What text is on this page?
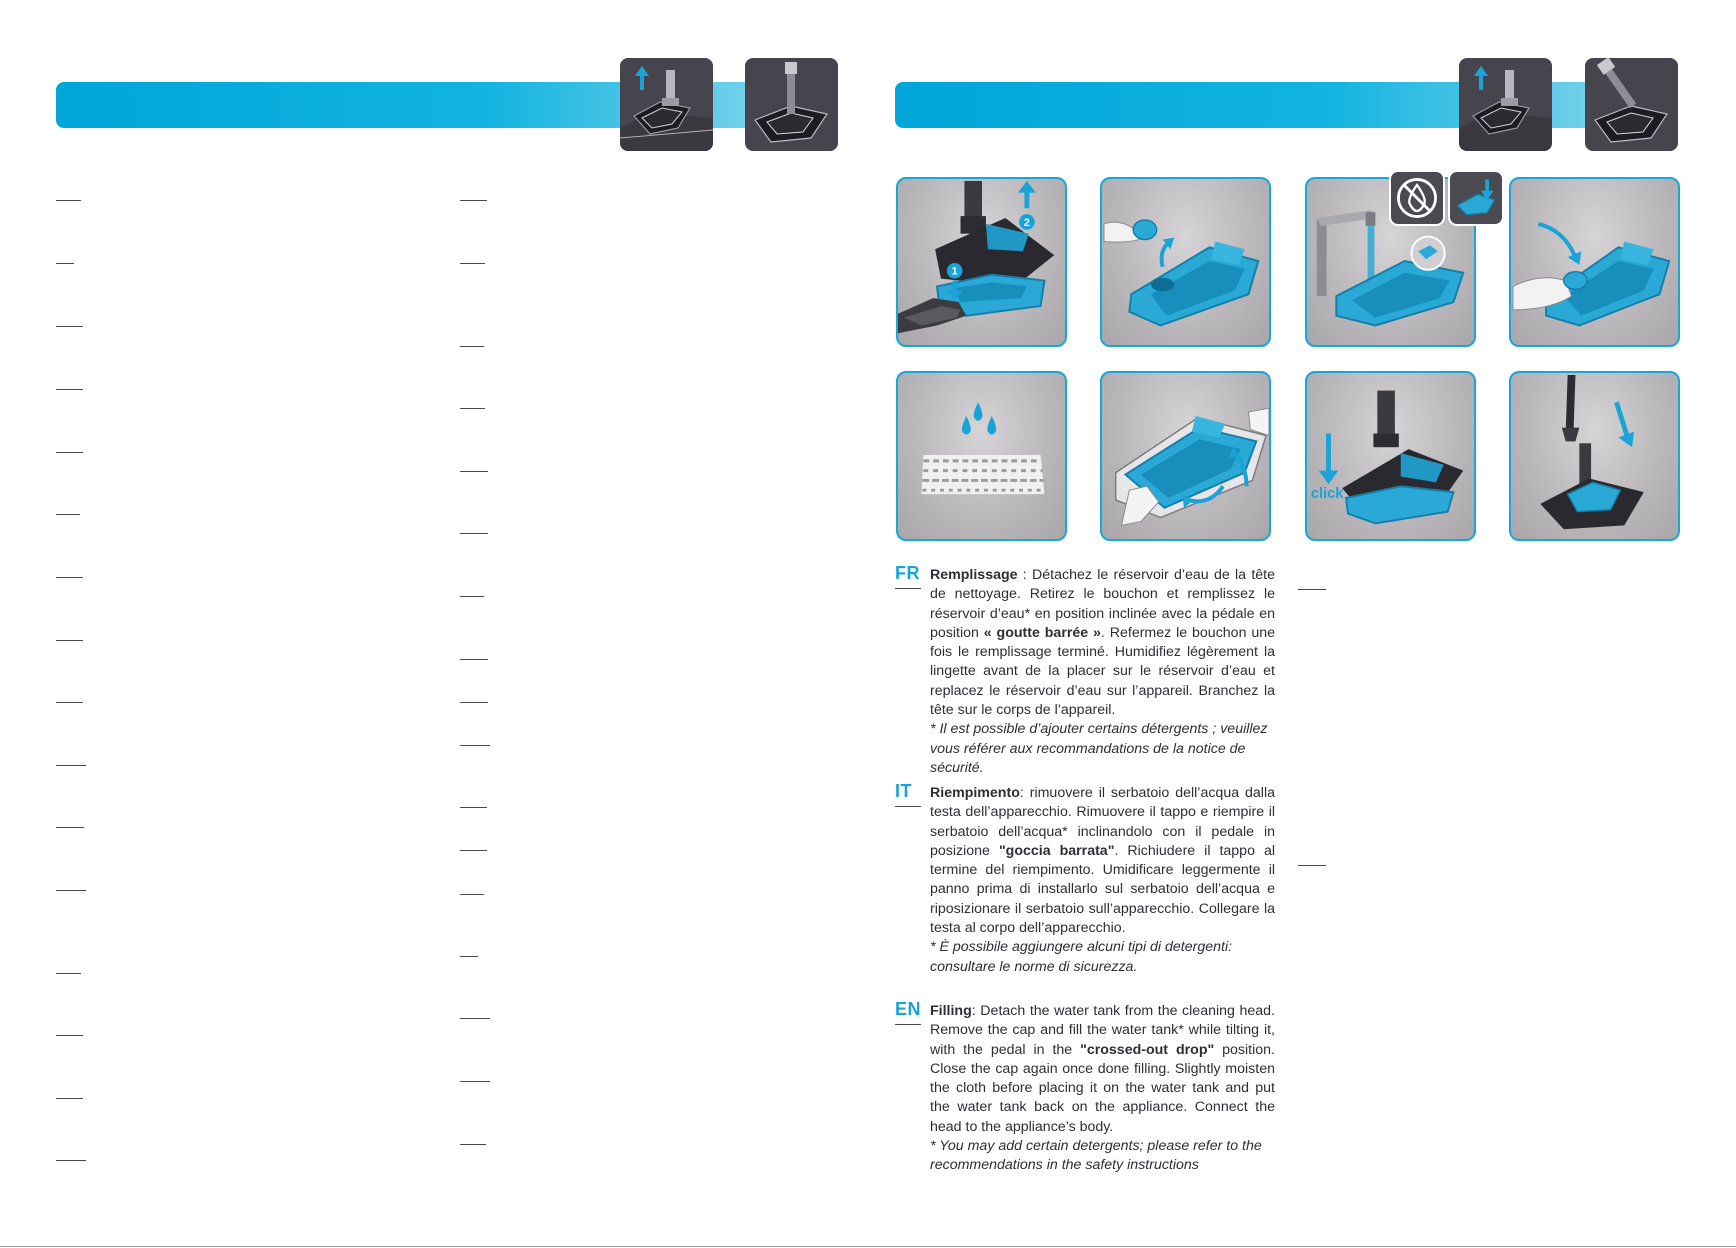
2
1
click
FR Remplissage : Détachez le réservoir d’eau de la tête de nettoyage. Retirez le bouchon et remplissez le réservoir d’eau* en position inclinée avec la pédale en position « goutte barrée ». Refermez le bouchon une fois le remplissage terminé. Humidifiez légèrement la lingette avant de la placer sur le réservoir d’eau et replacez le réservoir d’eau sur l’appareil. Branchez la tête sur le corps de l’appareil.
* Il est possible d’ajouter certains détergents ; veuillez vous référer aux recommandations de la notice de sécurité.
IT	Riempimento: rimuovere il serbatoio dell’acqua dalla testa dell’apparecchio. Rimuovere il tappo e riempire il serbatoio dell’acqua* inclinandolo con il pedale in posizione "goccia barrata". Richiudere il tappo al termine del riempimento. Umidificare leggermente il panno prima di installarlo sul serbatoio dell’acqua e riposizionare il serbatoio sull’apparecchio. Collegare la testa al corpo dell’apparecchio.
* È possibile aggiungere alcuni tipi di detergenti: consultare le norme di sicurezza.
EN Filling: Detach the water tank from the cleaning head. Remove the cap and fill the water tank* while tilting it, with the pedal in the "crossed-out drop" position. Close the cap again once done filling. Slightly moisten the cloth before placing it on the water tank and put the water tank back on the appliance. Connect the head to the appliance’s body.
* You may add certain detergents; please refer to the recommendations in the safety instructions
